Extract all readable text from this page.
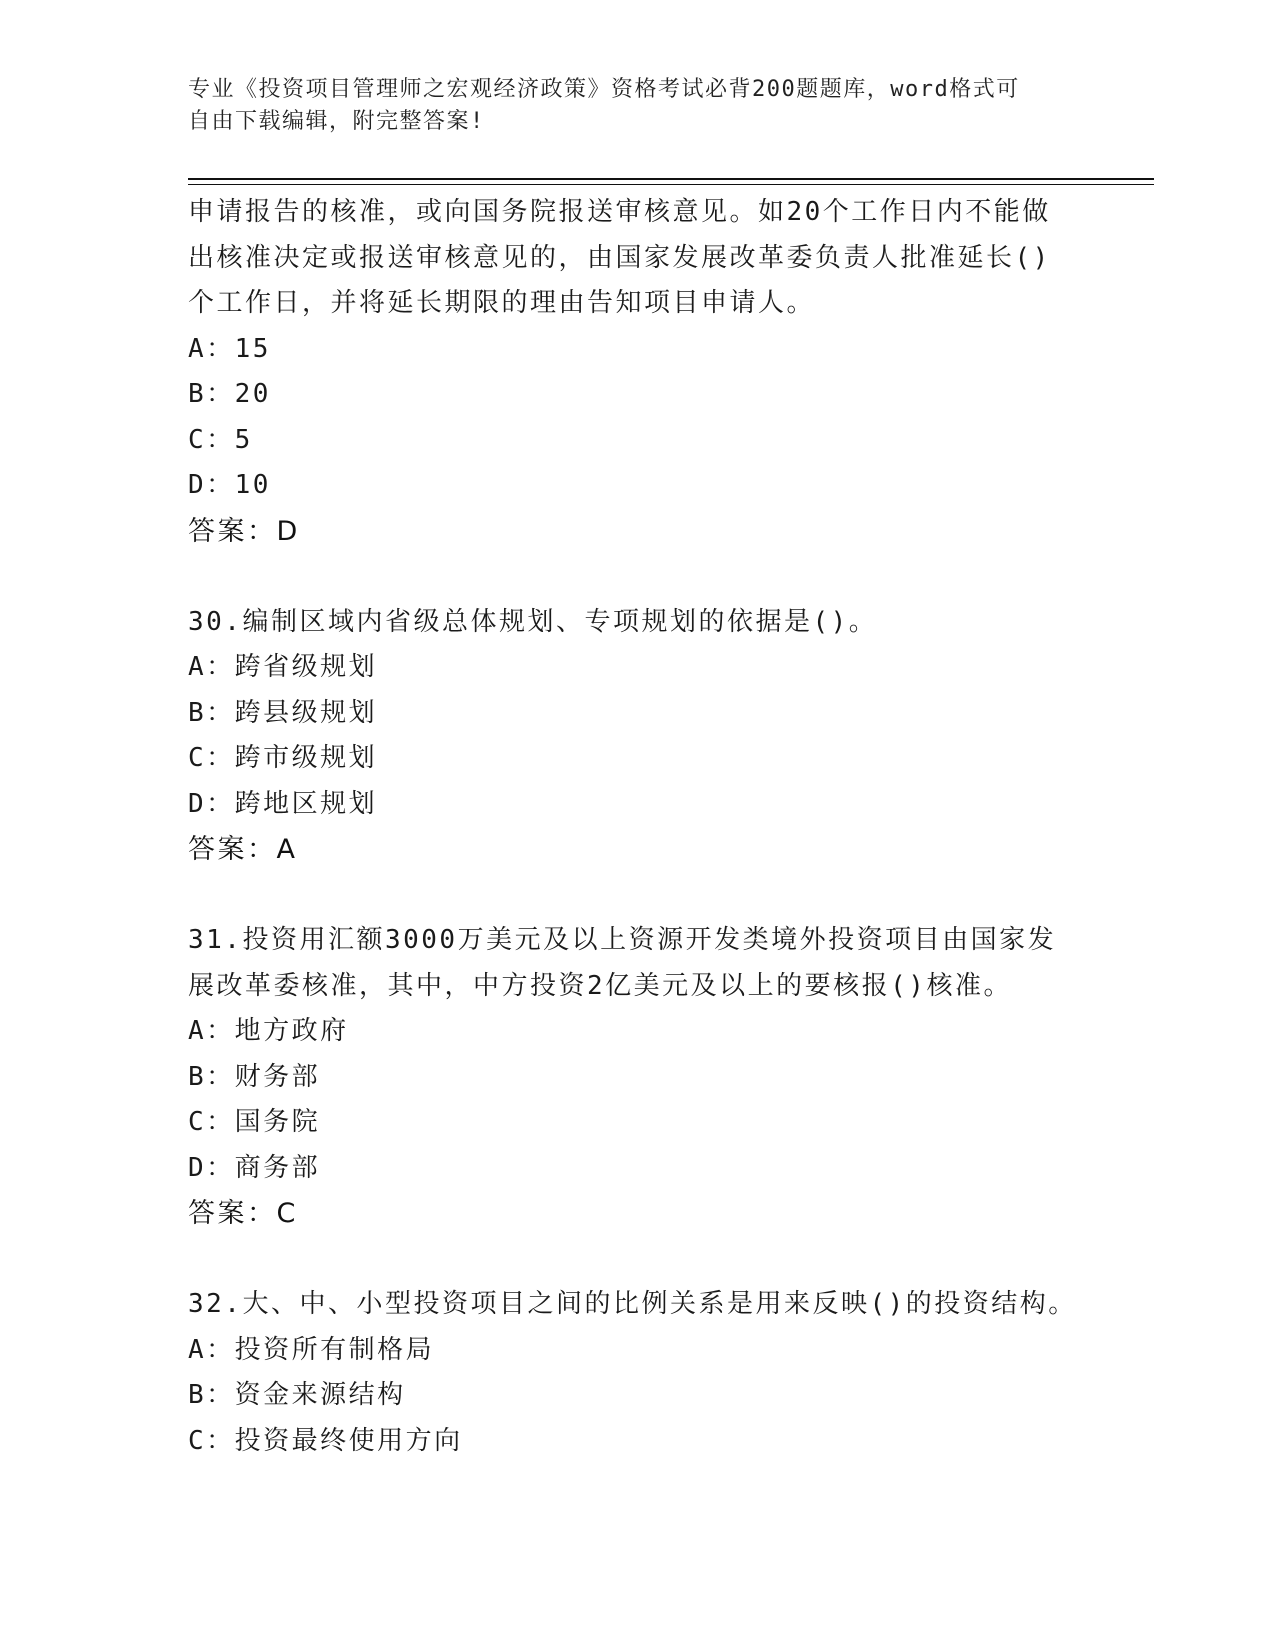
专业《投资项目管理师之宏观经济政策》资格考试必背200题题库，word格式可
自由下载编辑，附完整答案!
申请报告的核准，或向国务院报送审核意见。如20个工作日内不能做
出核准决定或报送审核意见的，由国家发展改革委负责人批准延长()
个工作日，并将延长期限的理由告知项目申请人。
A：15
B：20
C：5
D：10
答案：D
30.编制区域内省级总体规划、专项规划的依据是()。
A：跨省级规划
B：跨县级规划
C：跨市级规划
D：跨地区规划
答案：A
31.投资用汇额3000万美元及以上资源开发类境外投资项目由国家发
展改革委核准，其中，中方投资2亿美元及以上的要核报()核准。
A：地方政府
B：财务部
C：国务院
D：商务部
答案：C
32.大、中、小型投资项目之间的比例关系是用来反映()的投资结构。
A：投资所有制格局
B：资金来源结构
C：投资最终使用方向
